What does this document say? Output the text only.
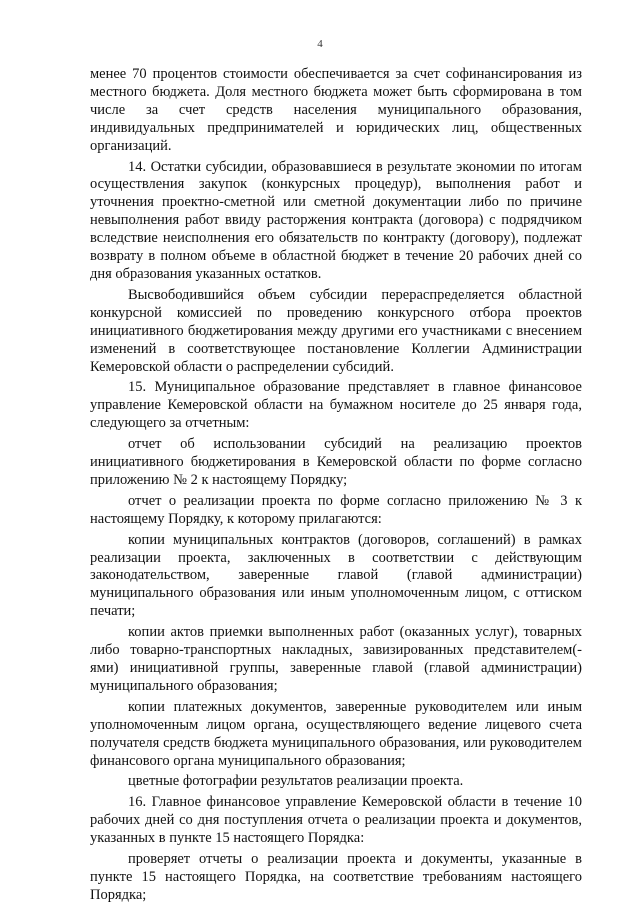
4

менее 70 процентов стоимости обеспечивается за счет софинансирования из местного бюджета. Доля местного бюджета может быть сформирована в том числе за счет средств населения муниципального образования, индивидуальных предпринимателей и юридических лиц, общественных организаций.

14. Остатки субсидии, образовавшиеся в результате экономии по итогам осуществления закупок (конкурсных процедур), выполнения работ и уточнения проектно-сметной или сметной документации либо по причине невыполнения работ ввиду расторжения контракта (договора) с подрядчиком вследствие неисполнения его обязательств по контракту (договору), подлежат возврату в полном объеме в областной бюджет в течение 20 рабочих дней со дня образования указанных остатков.

Высвободившийся объем субсидии перераспределяется областной конкурсной комиссией по проведению конкурсного отбора проектов инициативного бюджетирования между другими его участниками с внесением изменений в соответствующее постановление Коллегии Администрации Кемеровской области о распределении субсидий.

15. Муниципальное образование представляет в главное финансовое управление Кемеровской области на бумажном носителе до 25 января года, следующего за отчетным:

отчет об использовании субсидий на реализацию проектов инициативного бюджетирования в Кемеровской области по форме согласно приложению № 2 к настоящему Порядку;

отчет о реализации проекта по форме согласно приложению № 3 к настоящему Порядку, к которому прилагаются:

копии муниципальных контрактов (договоров, соглашений) в рамках реализации проекта, заключенных в соответствии с действующим законодательством, заверенные главой (главой администрации) муниципального образования или иным уполномоченным лицом, с оттиском печати;

копии актов приемки выполненных работ (оказанных услуг), товарных либо товарно-транспортных накладных, завизированных представителем(-ями) инициативной группы, заверенные главой (главой администрации) муниципального образования;

копии платежных документов, заверенные руководителем или иным уполномоченным лицом органа, осуществляющего ведение лицевого счета получателя средств бюджета муниципального образования, или руководителем финансового органа муниципального образования;

цветные фотографии результатов реализации проекта.

16. Главное финансовое управление Кемеровской области в течение 10 рабочих дней со дня поступления отчета о реализации проекта и документов, указанных в пункте 15 настоящего Порядка:

проверяет отчеты о реализации проекта и документы, указанные в пункте 15 настоящего Порядка, на соответствие требованиям настоящего Порядка;
